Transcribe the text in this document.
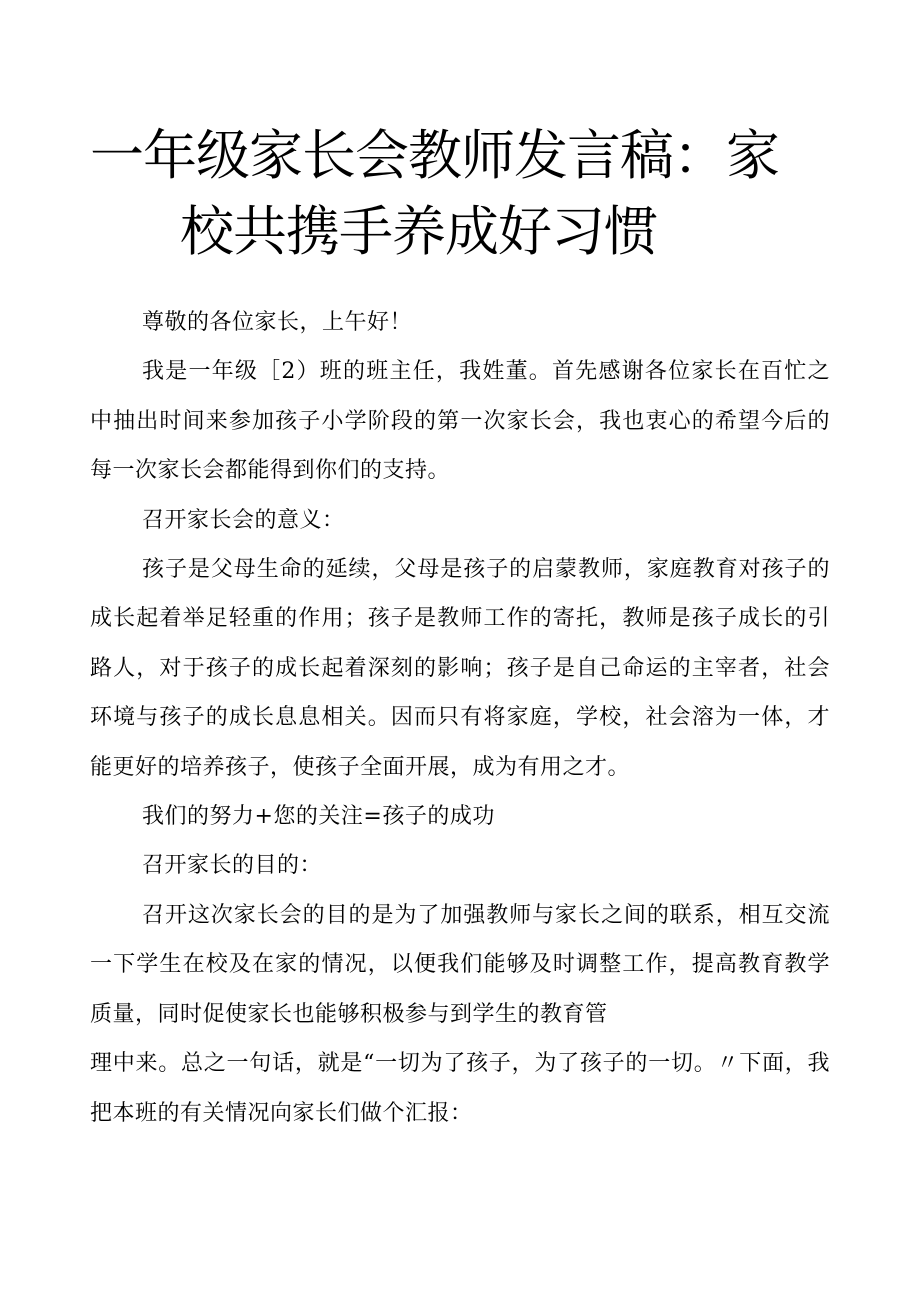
一年级家长会教师发言稿：家
校共携手养成好习惯

尊敬的各位家长，上午好！

我是一年级［2）班的班主任，我姓董。首先感谢各位家长在百忙之中抽出时间来参加孩子小学阶段的第一次家长会，我也衷心的希望今后的每一次家长会都能得到你们的支持。

召开家长会的意义：

孩子是父母生命的延续，父母是孩子的启蒙教师，家庭教育对孩子的成长起着举足轻重的作用；孩子是教师工作的寄托，教师是孩子成长的引路人，对于孩子的成长起着深刻的影响；孩子是自己命运的主宰者，社会环境与孩子的成长息息相关。因而只有将家庭，学校，社会溶为一体，才能更好的培养孩子，使孩子全面开展，成为有用之才。

我们的努力+您的关注=孩子的成功

召开家长的目的：

召开这次家长会的目的是为了加强教师与家长之间的联系，相互交流一下学生在校及在家的情况，以便我们能够及时调整工作，提高教育教学质量，同时促使家长也能够积极参与到学生的教育管

理中来。总之一句话，就是“一切为了孩子，为了孩子的一切。〃下面，我把本班的有关情况向家长们做个汇报：
